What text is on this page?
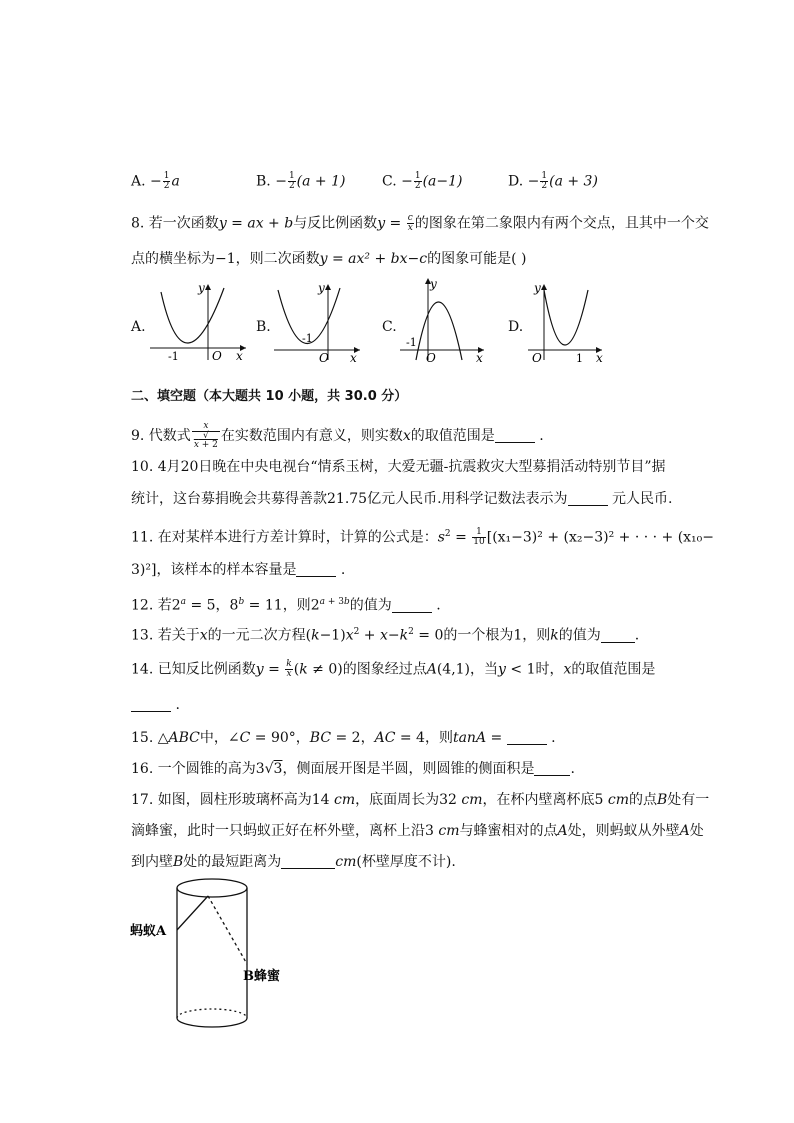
A. − $\frac{1}{2}$ a	B. − $\frac{1}{2} (a + 1)$	C. − $\frac{1}{2} (a-1)$	D. − $\frac{1}{2} (a + 3)$
8. 若一次函数y = ax + b与反比例函数$y = \frac{c}{x}$ 的图象在第二象限内有两个交点，且其中一个交
点的横坐标为−1，则二次函数y = ax² + bx−c的图象可能是( )
A.
y
x
O
-1
B.
y
x
O
-1
C.
y
x
O
-1
D.
y
x
O	1
二、填空题（本大题共 10 小题，共 30.0 分）
9. 代数式 x
√
x + 2 在实数范围内有意义，则实数x的取值范围是	.
10. 4月20日晚在中央电视台“情系玉树，大爱无疆-抗震救灾大型募捐活动特别节目”据
统计，这台募捐晚会共募得善款21.75亿元人民币.用科学记数法表示为	元人民币.
11. 在对某样本进行方差计算时，计算的公式是：$s^2 = \frac{1}{10} [(x_1-3)^2 + (x_2-3)^2$ + · · · + (x₁₀−
3)²]，该样本的样本容量是	.
12. 若$2^a = 5$，$8^b = 11$，则$2^{a + 3b}$的值为	.
13. 若关于x的一元二次方程$(k-1)x^2 + x-k^2 = 0$的一个根为1，则k的值为 .
14. 已知反比例函数$y = \frac{k}{x} (k \ne 0)$的图象经过点A(4,1)，当y < 1时，x的取值范围是
.
15. △ABC中，∠C = 90°，BC = 2，AC = 4，则tanA =	.
16. 一个圆锥的高为3√3，侧面展开图是半圆，则圆锥的侧面积是	.
17. 如图，圆柱形玻璃杯高为14 cm，底面周长为32 cm，在杯内壁离杯底5 cm的点B处有一
滴蜂蜜，此时一只蚂蚁正好在杯外壁，离杯上沿3 cm与蜂蜜相对的点A处，则蚂蚁从外壁A处
到内壁B处的最短距离为	cm(杯壁厚度不计).
蚂蚁A
B蜂蜜
